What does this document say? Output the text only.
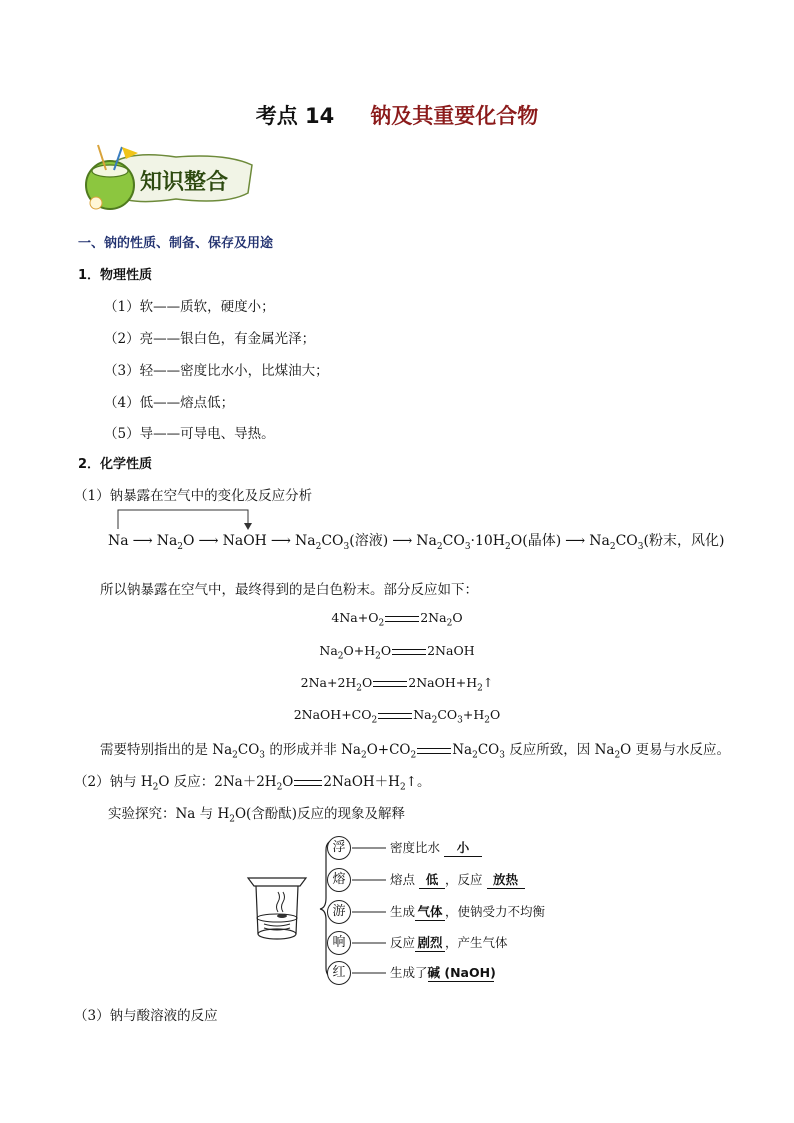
考点 14 钠及其重要化合物
知识整合
一、钠的性质、制备、保存及用途
1．物理性质
（1）软——质软，硬度小；
（2）亮——银白色，有金属光泽；
（3）轻——密度比水小，比煤油大；
（4）低——熔点低；
（5）导——可导电、导热。
2．化学性质
（1）钠暴露在空气中的变化及反应分析
Na ⟶ $Na_2O$ ⟶ NaOH ⟶ $Na_2CO_3$(溶液) ⟶ $Na_2CO_3\cdot 10H_2O$(晶体) ⟶ $Na_2CO_3$(粉末，风化)
所以钠暴露在空气中，最终得到的是白色粉末。部分反应如下：
$4Na+O_2$	$2Na_2O$
$Na_2O+H_2O$	2NaOH
$2Na+2H_2O$	$2NaOH+H_2↑$
$2NaOH+CO_2$	$Na_2CO_3+H_2O$
需要特别指出的是 $Na_2CO_3$ 的形成并非 $Na_2O+CO_2$	$Na_2CO_3$ 反应所致，因 $Na_2O$ 更易与水反应。
（2）钠与 $H_2O$ 反应：$2Na+2H_2O$ $2NaOH+H_2↑$。
实验探究：Na 与 $H_2O$(含酚酞)反应的现象及解释
浮
熔
游
响
红
密度比水 小
熔点 低 ，反应 放热
生成 气体 ，使钠受力不均衡
反应 剧烈 ，产生气体
生成了碱 (NaOH)
（3）钠与酸溶液的反应
